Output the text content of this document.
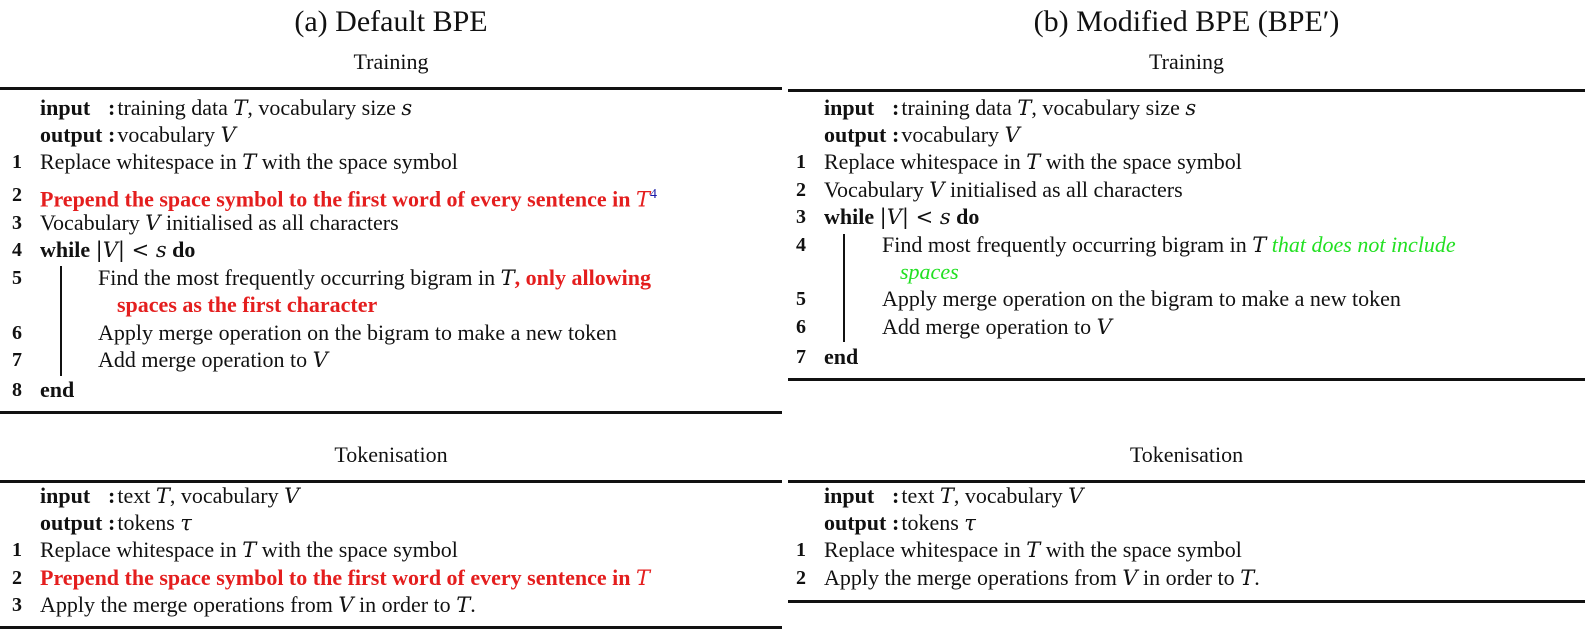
(a) Default BPE
Training
input :training data T, vocabulary size s
output :vocabulary V
1 Replace whitespace in T with the space symbol
2 Prepend the space symbol to the first word of every sentence in $T^4$
3 Vocabulary V initialised as all characters
4 while |V| < s do
5	Find the most frequently occurring bigram in T, only allowing
spaces as the first character
6	Apply merge operation on the bigram to make a new token
7	Add merge operation to V
8 end
Tokenisation
input :text T, vocabulary V
output :tokens τ
1 Replace whitespace in T with the space symbol
2 Prepend the space symbol to the first word of every sentence in T
3 Apply the merge operations from V in order to T.
(b) Modified BPE (BPE′)
Training
input :training data T, vocabulary size s
output :vocabulary V
1 Replace whitespace in T with the space symbol
2 Vocabulary V initialised as all characters
3 while |V| < s do
4	Find most frequently occurring bigram in T that does not include
spaces
5	Apply merge operation on the bigram to make a new token
6	Add merge operation to V
7 end
Tokenisation
input :text T, vocabulary V
output :tokens τ
1 Replace whitespace in T with the space symbol
2 Apply the merge operations from V in order to T.
